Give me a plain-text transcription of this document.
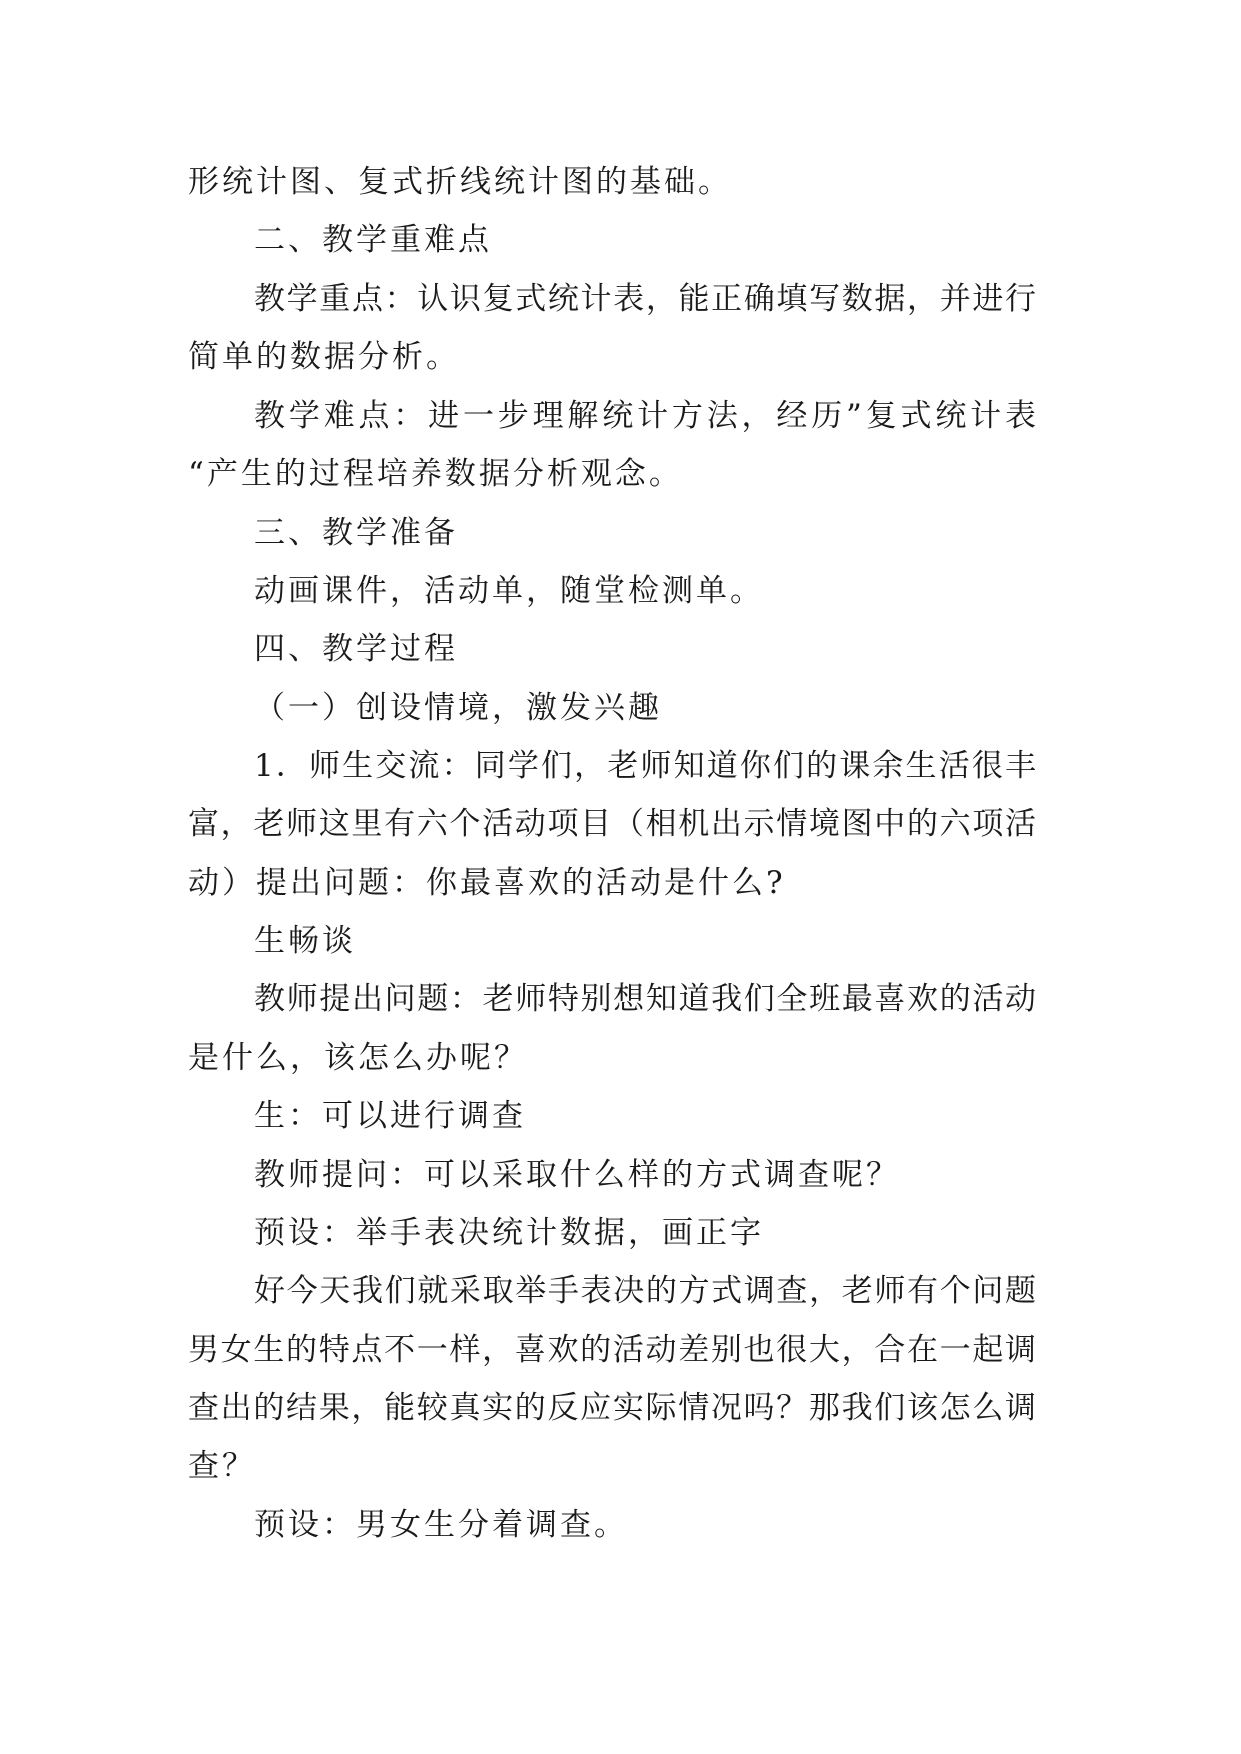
形统计图、复式折线统计图的基础。
二、教学重难点
教学重点：认识复式统计表，能正确填写数据，并进行
简单的数据分析。
教学难点：进一步理解统计方法，经历”复式统计表
“产生的过程培养数据分析观念。
三、教学准备
动画课件，活动单，随堂检测单。
四、教学过程
（一）创设情境，激发兴趣
1．师生交流：同学们，老师知道你们的课余生活很丰
富，老师这里有六个活动项目（相机出示情境图中的六项活
动）提出问题：你最喜欢的活动是什么?
生畅谈
教师提出问题：老师特别想知道我们全班最喜欢的活动
是什么，该怎么办呢？
生：可以进行调查
教师提问：可以采取什么样的方式调查呢？
预设：举手表决统计数据，画正字
好今天我们就采取举手表决的方式调查，老师有个问题
男女生的特点不一样，喜欢的活动差别也很大，合在一起调
查出的结果，能较真实的反应实际情况吗？那我们该怎么调
查？
预设：男女生分着调查。
